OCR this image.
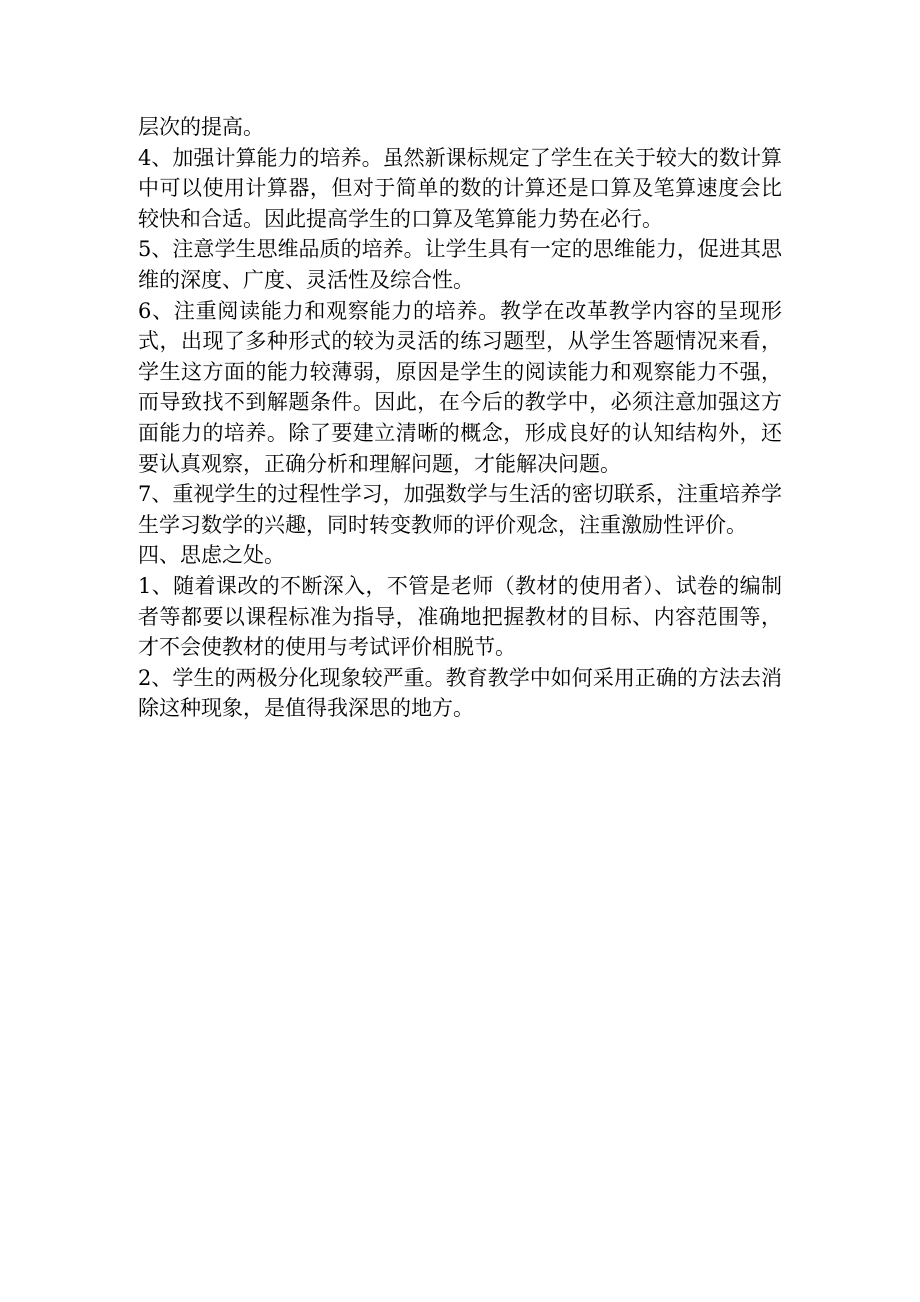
层次的提高。

4、加强计算能力的培养。虽然新课标规定了学生在关于较大的数计算中可以使用计算器，但对于简单的数的计算还是口算及笔算速度会比较快和合适。因此提高学生的口算及笔算能力势在必行。

5、注意学生思维品质的培养。让学生具有一定的思维能力，促进其思维的深度、广度、灵活性及综合性。

6、注重阅读能力和观察能力的培养。教学在改革教学内容的呈现形式，出现了多种形式的较为灵活的练习题型，从学生答题情况来看，学生这方面的能力较薄弱，原因是学生的阅读能力和观察能力不强，而导致找不到解题条件。因此，在今后的教学中，必须注意加强这方面能力的培养。除了要建立清晰的概念，形成良好的认知结构外，还要认真观察，正确分析和理解问题，才能解决问题。

7、重视学生的过程性学习，加强数学与生活的密切联系，注重培养学生学习数学的兴趣，同时转变教师的评价观念，注重激励性评价。

四、思虑之处。

1、随着课改的不断深入，不管是老师（教材的使用者）、试卷的编制者等都要以课程标准为指导，准确地把握教材的目标、内容范围等，才不会使教材的使用与考试评价相脱节。

2、学生的两极分化现象较严重。教育教学中如何采用正确的方法去消除这种现象，是值得我深思的地方。
